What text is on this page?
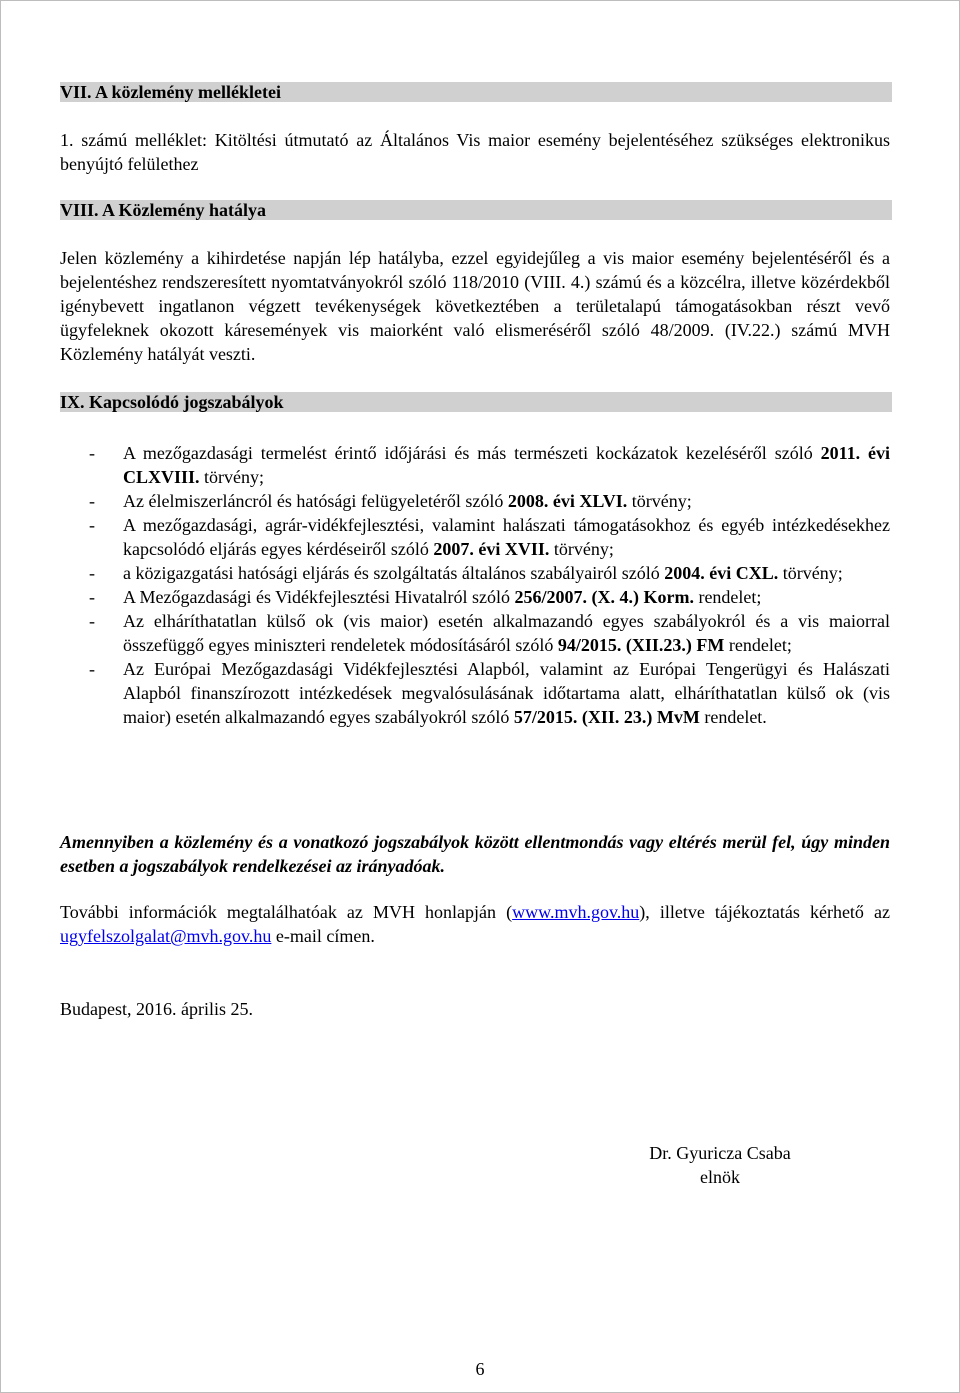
VII. A közlemény mellékletei
1. számú melléklet: Kitöltési útmutató az Általános Vis maior esemény bejelentéséhez szükséges elektronikus benyújtó felülethez
VIII. A Közlemény hatálya
Jelen közlemény a kihirdetése napján lép hatályba, ezzel egyidejűleg a vis maior esemény bejelentéséről és a bejelentéshez rendszeresített nyomtatványokról szóló 118/2010 (VIII. 4.) számú és a közcélra, illetve közérdekből igénybevett ingatlanon végzett tevékenységek következtében a területalapú támogatásokban részt vevő ügyfeleknek okozott káresemények vis maiorként való elismeréséről szóló 48/2009. (IV.22.) számú MVH Közlemény hatályát veszti.
IX. Kapcsolódó jogszabályok
- A mezőgazdasági termelést érintő időjárási és más természeti kockázatok kezeléséről szóló 2011. évi CLXVIII. törvény;
- Az élelmiszerláncról és hatósági felügyeletéről szóló 2008. évi XLVI. törvény;
- A mezőgazdasági, agrár-vidékfejlesztési, valamint halászati támogatásokhoz és egyéb intézkedésekhez kapcsolódó eljárás egyes kérdéseiről szóló 2007. évi XVII. törvény;
- a közigazgatási hatósági eljárás és szolgáltatás általános szabályairól szóló 2004. évi CXL. törvény;
- A Mezőgazdasági és Vidékfejlesztési Hivatalról szóló 256/2007. (X. 4.) Korm. rendelet;
- Az elháríthatatlan külső ok (vis maior) esetén alkalmazandó egyes szabályokról és a vis maiorral összefüggő egyes miniszteri rendeletek módosításáról szóló 94/2015. (XII.23.) FM rendelet;
- Az Európai Mezőgazdasági Vidékfejlesztési Alapból, valamint az Európai Tengerügyi és Halászati Alapból finanszírozott intézkedések megvalósulásának időtartama alatt, elháríthatatlan külső ok (vis maior) esetén alkalmazandó egyes szabályokról szóló 57/2015. (XII. 23.) MvM rendelet.
Amennyiben a közlemény és a vonatkozó jogszabályok között ellentmondás vagy eltérés merül fel, úgy minden esetben a jogszabályok rendelkezései az irányadóak.
További információk megtalálhatóak az MVH honlapján (www.mvh.gov.hu), illetve tájékoztatás kérhető az ugyfelszolgalat@mvh.gov.hu e-mail címen.
Budapest, 2016. április 25.
Dr. Gyuricza Csaba
elnök
6
